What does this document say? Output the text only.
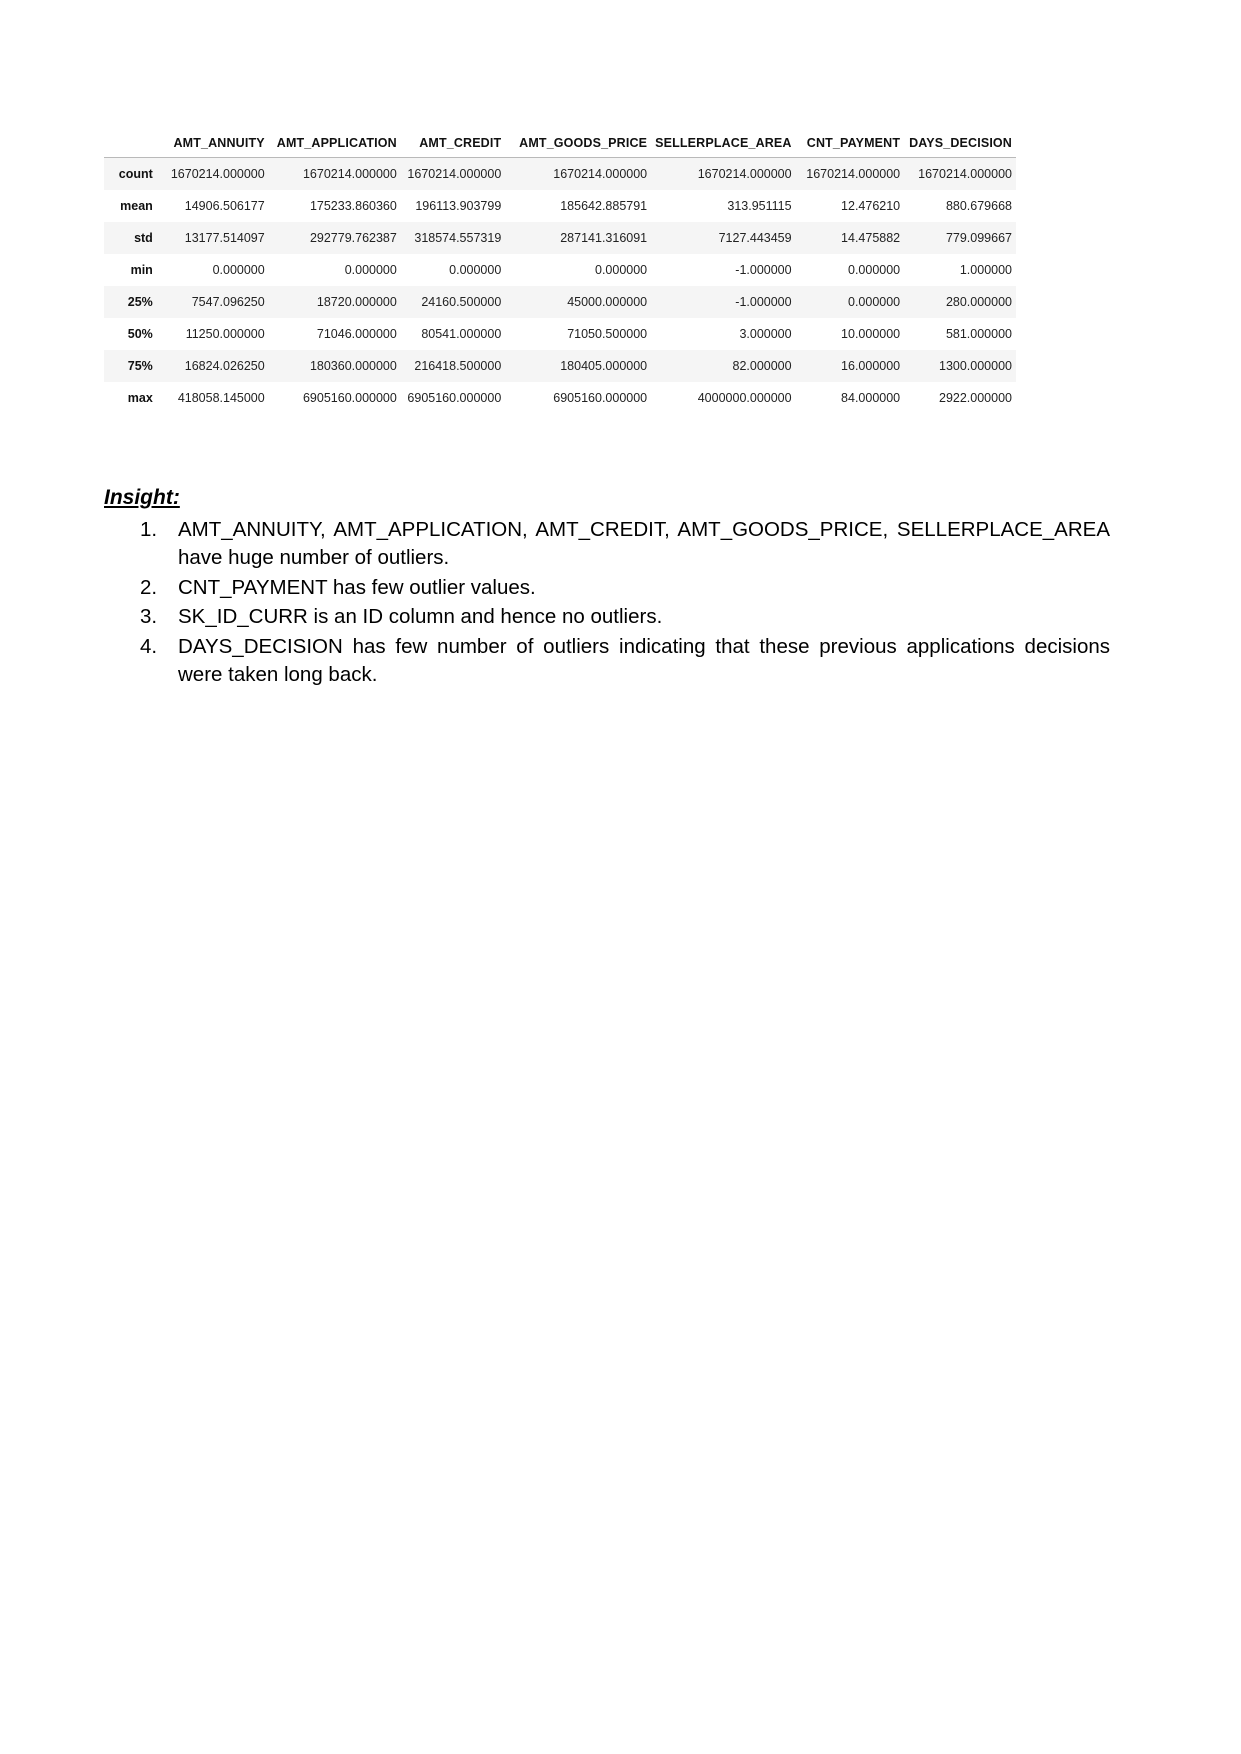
	AMT_ANNUITY	AMT_APPLICATION	AMT_CREDIT	AMT_GOODS_PRICE	SELLERPLACE_AREA	CNT_PAYMENT	DAYS_DECISION
count	1670214.000000	1670214.000000	1670214.000000	1670214.000000	1670214.000000	1670214.000000	1670214.000000
mean	14906.506177	175233.860360	196113.903799	185642.885791	313.951115	12.476210	880.679668
std	13177.514097	292779.762387	318574.557319	287141.316091	7127.443459	14.475882	779.099667
min	0.000000	0.000000	0.000000	0.000000	-1.000000	0.000000	1.000000
25%	7547.096250	18720.000000	24160.500000	45000.000000	-1.000000	0.000000	280.000000
50%	11250.000000	71046.000000	80541.000000	71050.500000	3.000000	10.000000	581.000000
75%	16824.026250	180360.000000	216418.500000	180405.000000	82.000000	16.000000	1300.000000
max	418058.145000	6905160.000000	6905160.000000	6905160.000000	4000000.000000	84.000000	2922.000000
Insight:
AMT_ANNUITY, AMT_APPLICATION, AMT_CREDIT, AMT_GOODS_PRICE, SELLERPLACE_AREA have huge number of outliers.
CNT_PAYMENT has few outlier values.
SK_ID_CURR is an ID column and hence no outliers.
DAYS_DECISION has few number of outliers indicating that these previous applications decisions were taken long back.
